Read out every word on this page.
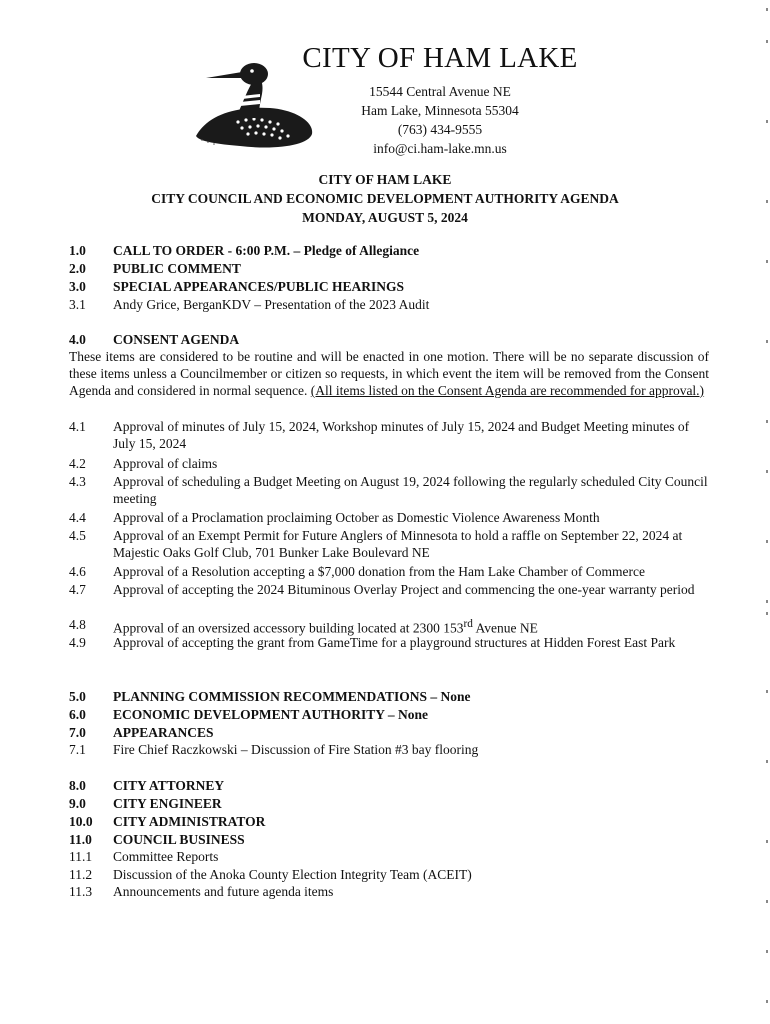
CITY OF HAM LAKE
15544 Central Avenue NE
Ham Lake, Minnesota 55304
(763) 434-9555
info@ci.ham-lake.mn.us
CITY OF HAM LAKE
CITY COUNCIL AND ECONOMIC DEVELOPMENT AUTHORITY AGENDA
MONDAY, AUGUST 5, 2024
1.0	CALL TO ORDER - 6:00 P.M. – Pledge of Allegiance
2.0	PUBLIC COMMENT
3.0	SPECIAL APPEARANCES/PUBLIC HEARINGS
3.1	Andy Grice, BerganKDV – Presentation of the 2023 Audit
4.0	CONSENT AGENDA
These items are considered to be routine and will be enacted in one motion. There will be no separate discussion of these items unless a Councilmember or citizen so requests, in which event the item will be removed from the Consent Agenda and considered in normal sequence. (All items listed on the Consent Agenda are recommended for approval.)
4.1	Approval of minutes of July 15, 2024, Workshop minutes of July 15, 2024 and Budget Meeting minutes of July 15, 2024
4.2	Approval of claims
4.3	Approval of scheduling a Budget Meeting on August 19, 2024 following the regularly scheduled City Council meeting
4.4	Approval of a Proclamation proclaiming October as Domestic Violence Awareness Month
4.5	Approval of an Exempt Permit for Future Anglers of Minnesota to hold a raffle on September 22, 2024 at Majestic Oaks Golf Club, 701 Bunker Lake Boulevard NE
4.6	Approval of a Resolution accepting a $7,000 donation from the Ham Lake Chamber of Commerce
4.7	Approval of accepting the 2024 Bituminous Overlay Project and commencing the one-year warranty period
4.8	Approval of an oversized accessory building located at 2300 153rd Avenue NE
4.9	Approval of accepting the grant from GameTime for a playground structures at Hidden Forest East Park
5.0	PLANNING COMMISSION RECOMMENDATIONS – None
6.0	ECONOMIC DEVELOPMENT AUTHORITY – None
7.0	APPEARANCES
7.1	Fire Chief Raczkowski – Discussion of Fire Station #3 bay flooring
8.0	CITY ATTORNEY
9.0	CITY ENGINEER
10.0	CITY ADMINISTRATOR
11.0	COUNCIL BUSINESS
11.1	Committee Reports
11.2	Discussion of the Anoka County Election Integrity Team (ACEIT)
11.3	Announcements and future agenda items
